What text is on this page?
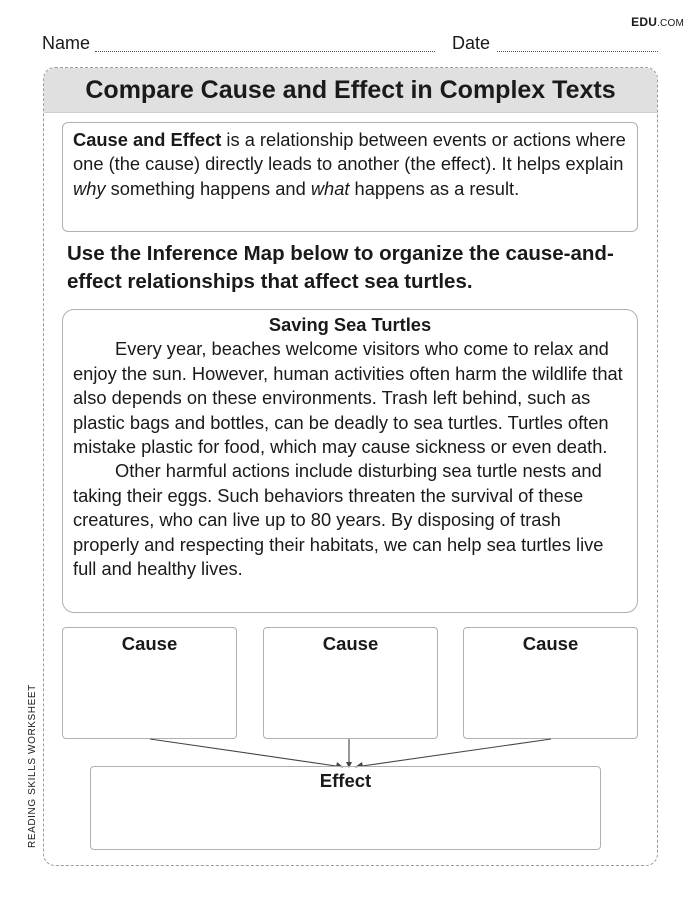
EDU.COM
Name	Date
READING SKILLS WORKSHEET
Compare Cause and Effect in Complex Texts
Cause and Effect is a relationship between events or actions where one (the cause) directly leads to another (the effect). It helps explain why something happens and what happens as a result.
Use the Inference Map below to organize the cause-and-effect relationships that affect sea turtles.
Saving Sea Turtles

Every year, beaches welcome visitors who come to relax and enjoy the sun. However, human activities often harm the wildlife that also depends on these environments. Trash left behind, such as plastic bags and bottles, can be deadly to sea turtles. Turtles often mistake plastic for food, which may cause sickness or even death.

Other harmful actions include disturbing sea turtle nests and taking their eggs. Such behaviors threaten the survival of these creatures, who can live up to 80 years. By disposing of trash properly and respecting their habitats, we can help sea turtles live full and healthy lives.

Cause	Cause	Cause
Effect
